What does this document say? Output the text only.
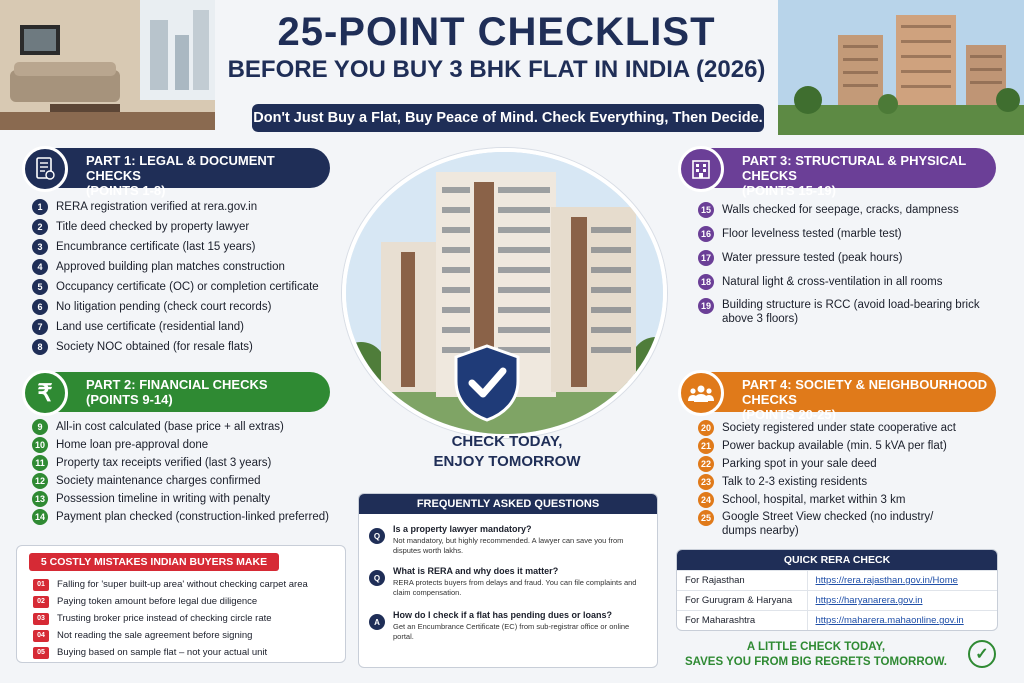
25-POINT CHECKLIST
BEFORE YOU BUY 3 BHK FLAT IN INDIA (2026)
Don't Just Buy a Flat, Buy Peace of Mind. Check Everything, Then Decide.
PART 1: LEGAL & DOCUMENT CHECKS
(POINTS 1-8)
1	RERA registration verified at rera.gov.in
2	Title deed checked by property lawyer
3	Encumbrance certificate (last 15 years)
4	Approved building plan matches construction
5	Occupancy certificate (OC) or completion certificate
6	No litigation pending (check court records)
7	Land use certificate (residential land)
8	Society NOC obtained (for resale flats)
PART 2: FINANCIAL CHECKS
(POINTS 9-14)
₹
9	All-in cost calculated (base price + all extras)
10 Home loan pre-approval done
11 Property tax receipts verified (last 3 years)
12 Society maintenance charges confirmed
13 Possession timeline in writing with penalty
14 Payment plan checked (construction-linked preferred)
5 COSTLY MISTAKES INDIAN BUYERS MAKE
01	Falling for 'super built-up area' without checking carpet area
02	Paying token amount before legal due diligence
03	Trusting broker price instead of checking circle rate
04	Not reading the sale agreement before signing
05	Buying based on sample flat – not your actual unit
CHECK TODAY,
ENJOY TOMORROW
FREQUENTLY ASKED QUESTIONS
Q
Is a property lawyer mandatory?
Not mandatory, but highly recommended. A lawyer can save you from disputes worth lakhs.
Q
What is RERA and why does it matter?
RERA protects buyers from delays and fraud. You can file complaints and claim compensation.
A
How do I check if a flat has pending dues or loans?
Get an Encumbrance Certificate (EC) from sub-registrar office or online portal.
PART 3: STRUCTURAL & PHYSICAL CHECKS
(POINTS 15-19)
15 Walls checked for seepage, cracks, dampness
16 Floor levelness tested (marble test)
17 Water pressure tested (peak hours)
18 Natural light & cross-ventilation in all rooms
19 Building structure is RCC (avoid load-bearing brick
above 3 floors)
PART 4: SOCIETY & NEIGHBOURHOOD CHECKS
(POINTS 20-25)
20 Society registered under state cooperative act
21 Power backup available (min. 5 kVA per flat)
22 Parking spot in your sale deed
23 Talk to 2-3 existing residents
24 School, hospital, market within 3 km
25 Google Street View checked (no industry/
dumps nearby)
QUICK RERA CHECK
For Rajasthan	https://rera.rajasthan.gov.in/Home
For Gurugram & Haryana	https://haryanarera.gov.in
For Maharashtra	https://maharera.mahaonline.gov.in
A LITTLE CHECK TODAY,
SAVES YOU FROM BIG REGRETS TOMORROW.	✓
